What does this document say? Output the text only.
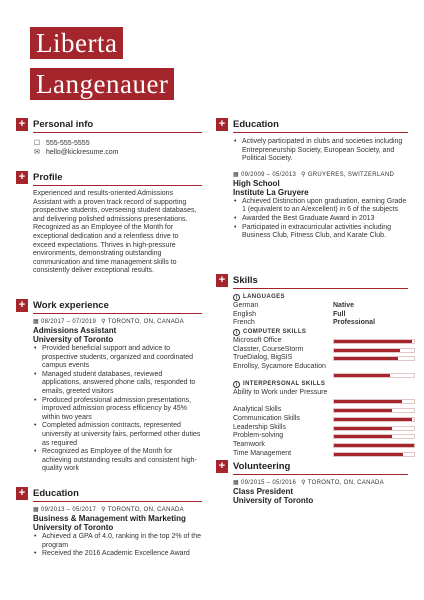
Liberta
Langenauer
+ Personal info
☐ 555-555-5555
✉ hello@kickresume.com
+ Profile
Experienced and results-oriented Admissions Assistant with a proven track record of supporting prospective students, overseeing student databases, and delivering polished admissions presentations. Recognized as an Employee of the Month for exceptional dedication and a relentless drive to exceed expectations. Thrives in high-pressure environments, demonstrating outstanding communication and time management skills to consistently deliver exceptional results.
+ Work experience
▦ 08/2017 – 07/2019 ⚲ TORONTO, ON, CANADA
Admissions Assistant
University of Toronto
• Provided beneficial support and advice to prospective students, organized and coordinated campus events
• Managed student databases, reviewed applications, answered phone calls, responded to emails, greeted visitors
• Produced professional admission presentations, improved admission process efficiency by 45% within two years
• Completed admission contracts, represented university at university fairs, performed other duties as required
• Recognized as Employee of the Month for achieving outstanding results and consistent high-quality work
+ Education
▦ 09/2013 – 05/2017 ⚲ TORONTO, ON, CANADA
Business & Management with Marketing
University of Toronto
• Achieved a GPA of 4.0, ranking in the top 2% of the program
• Received the 2016 Academic Excellence Award
+ Education
• Actively participated in clubs and societies including Entrepreneurship Society, European Society, and Political Society.
▦ 09/2009 – 05/2013 ⚲ GRUYERES, SWITZERLAND
High School
Institute La Gruyere
• Achieved Distinction upon graduation, earning Grade 1 (equivalent to an A/excellent) in 6 of the subjects
• Awarded the Best Graduate Award in 2013
• Participated in extracurricular activities including Business Club, Fitness Club, and Karate Club.
+ Skills
i LANGUAGES
German	Native
English	Full
French	Professional
i COMPUTER SKILLS
Microsoft Office
Classter, CourseStorm
TrueDialog, BigSIS
Enrollsy, Sycamore Education
i INTERPERSONAL SKILLS
Ability to Work under Pressure
Analytical Skills
Communication Skills
Leadership Skills
Problem-solving
Teamwork
Time Management
+ Volunteering
▦ 09/2015 – 05/2016 ⚲ TORONTO, ON, CANADA
Class President
University of Toronto
